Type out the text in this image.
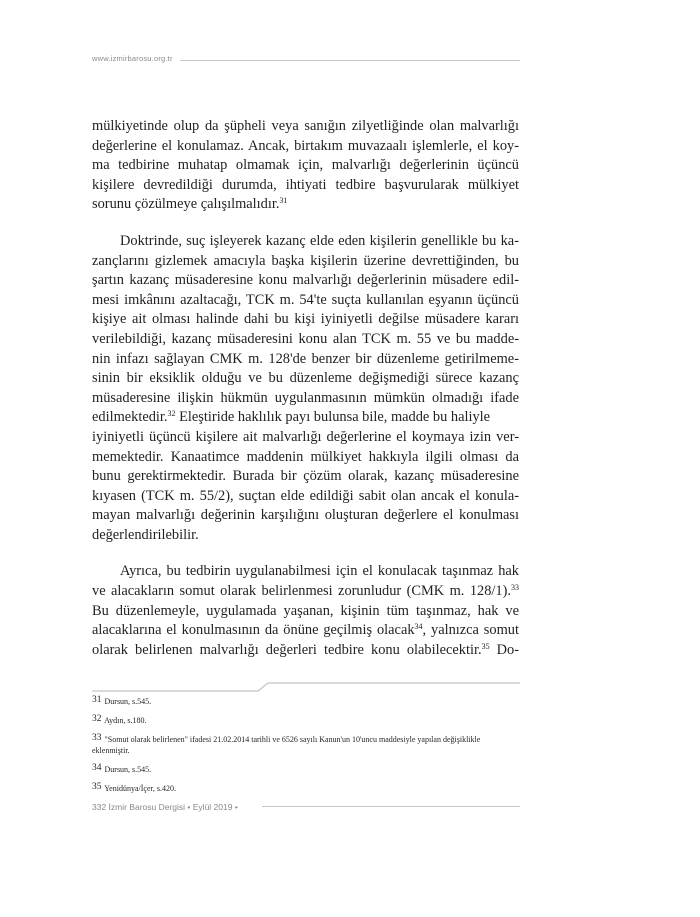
www.izmirbarosu.org.tr
mülkiyetinde olup da şüpheli veya sanığın zilyetliğinde olan malvarlığı
değerlerine el konulamaz. Ancak, birtakım muvazaalı işlemlerle, el koy-
ma tedbirine muhatap olmamak için, malvarlığı değerlerinin üçüncü
kişilere devredildiği durumda, ihtiyati tedbire başvurularak mülkiyet
sorunu çözülmeye çalışılmalıdır.$^{31}$
Doktrinde, suç işleyerek kazanç elde eden kişilerin genellikle bu ka-
zançlarını gizlemek amacıyla başka kişilerin üzerine devrettiğinden, bu
şartın kazanç müsaderesine konu malvarlığı değerlerinin müsadere edil-
mesi imkânını azaltacağı, TCK m. 54'te suçta kullanılan eşyanın üçüncü
kişiye ait olması halinde dahi bu kişi iyiniyetli değilse müsadere kararı
verilebildiği, kazanç müsaderesini konu alan TCK m. 55 ve bu madde-
nin infazı sağlayan CMK m. 128'de benzer bir düzenleme getirilmeme-
sinin bir eksiklik olduğu ve bu düzenleme değişmediği sürece kazanç
müsaderesine ilişkin hükmün uygulanmasının mümkün olmadığı ifade
edilmektedir.$^{32}$ Eleştiride haklılık payı bulunsa bile, madde bu haliyle
iyiniyetli üçüncü kişilere ait malvarlığı değerlerine el koymaya izin ver-
memektedir. Kanaatimce maddenin mülkiyet hakkıyla ilgili olması da
bunu gerektirmektedir. Burada bir çözüm olarak, kazanç müsaderesine
kıyasen (TCK m. 55/2), suçtan elde edildiği sabit olan ancak el konula-
mayan malvarlığı değerinin karşılığını oluşturan değerlere el konulması
değerlendirilebilir.
Ayrıca, bu tedbirin uygulanabilmesi için el konulacak taşınmaz hak
ve alacakların somut olarak belirlenmesi zorunludur (CMK m. 128/1).$^{33}$
Bu düzenlemeyle, uygulamada yaşanan, kişinin tüm taşınmaz, hak ve
alacaklarına el konulmasının da önüne geçilmiş olacak$^{34}$, yalnızca somut
olarak belirlenen malvarlığı değerleri tedbire konu olabilecektir.$^{35}$ Do-
31 Dursun, s.545.
32 Aydın, s.180.
33 "Somut olarak belirlenen" ifadesi 21.02.2014 tarihli ve 6526 sayılı Kanun'un 10'uncu maddesiyle yapılan değişiklikle eklenmiştir.
34 Dursun, s.545.
35 Yenidünya/İçer, s.420.
332 İzmir Barosu Dergisi • Eylül 2019 •
